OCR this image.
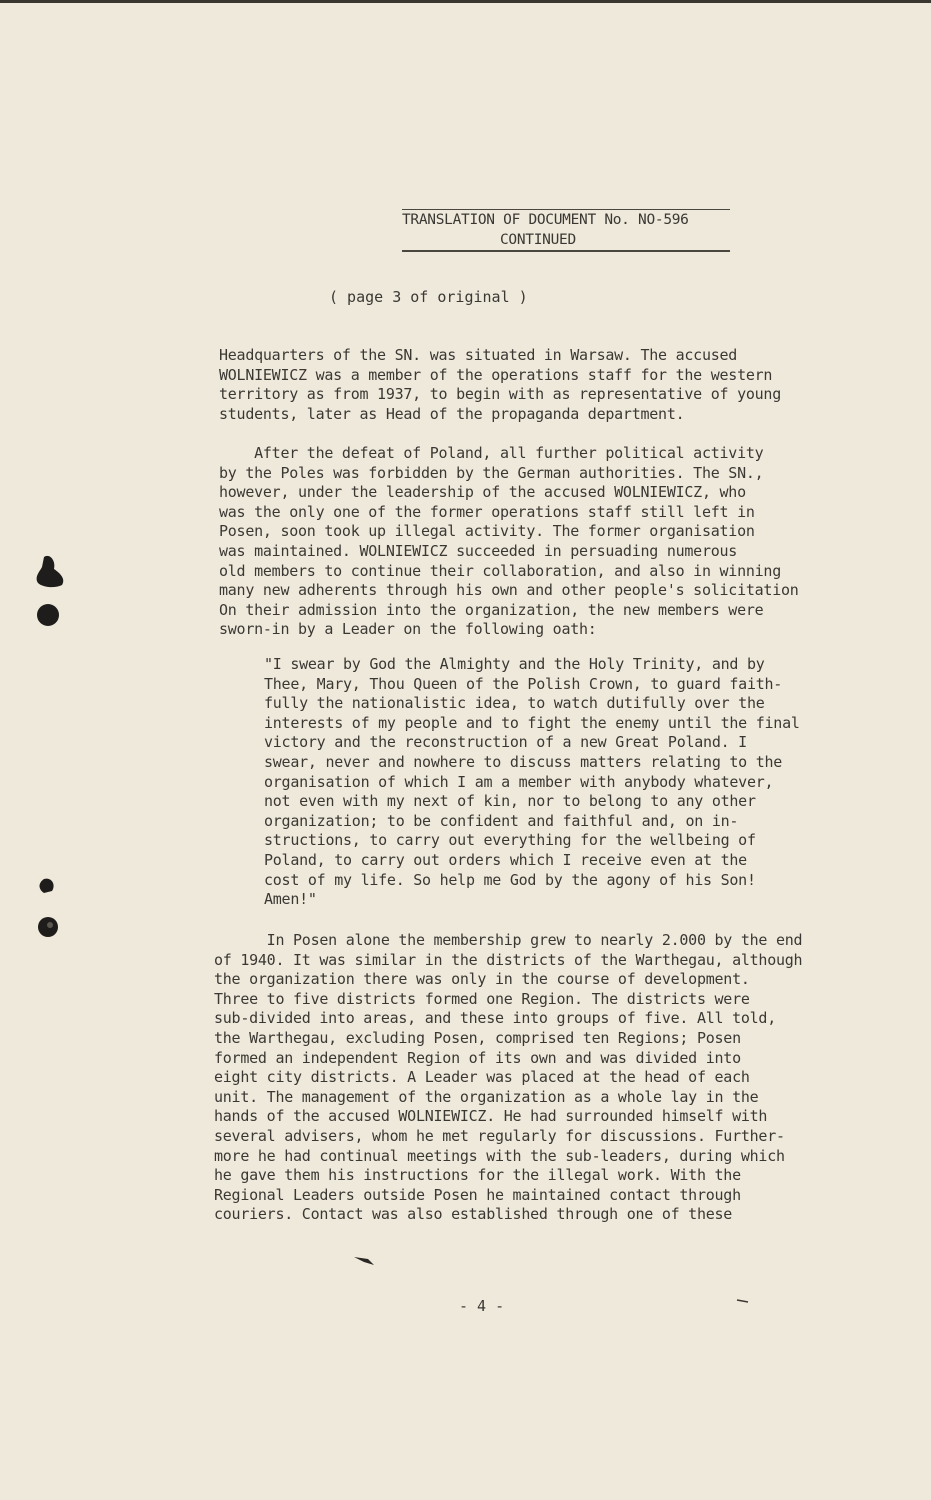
TRANSLATION OF DOCUMENT No. NO-596
CONTINUED
( page 3 of original )
Headquarters of the SN. was situated in Warsaw. The accused
WOLNIEWICZ was a member of the operations staff for the western
territory as from 1937, to begin with as representative of young
students, later as Head of the propaganda department.
After the defeat of Poland, all further political activity
by the Poles was forbidden by the German authorities. The SN.,
however, under the leadership of the accused WOLNIEWICZ, who
was the only one of the former operations staff still left in
Posen, soon took up illegal activity. The former organisation
was maintained. WOLNIEWICZ succeeded in persuading numerous
old members to continue their collaboration, and also in winning
many new adherents through his own and other people's solicitation
On their admission into the organization, the new members were
sworn-in by a Leader on the following oath:
"I swear by God the Almighty and the Holy Trinity, and by
Thee, Mary, Thou Queen of the Polish Crown, to guard faith-
fully the nationalistic idea, to watch dutifully over the
interests of my people and to fight the enemy until the final
victory and the reconstruction of a new Great Poland. I
swear, never and nowhere to discuss matters relating to the
organisation of which I am a member with anybody whatever,
not even with my next of kin, nor to belong to any other
organization; to be confident and faithful and, on in-
structions, to carry out everything for the wellbeing of
Poland, to carry out orders which I receive even at the
cost of my life. So help me God by the agony of his Son!
Amen!"
In Posen alone the membership grew to nearly 2.000 by the end
of 1940. It was similar in the districts of the Warthegau, although
the organization there was only in the course of development.
Three to five districts formed one Region. The districts were
sub-divided into areas, and these into groups of five. All told,
the Warthegau, excluding Posen, comprised ten Regions; Posen
formed an independent Region of its own and was divided into
eight city districts. A Leader was placed at the head of each
unit. The management of the organization as a whole lay in the
hands of the accused WOLNIEWICZ. He had surrounded himself with
several advisers, whom he met regularly for discussions. Further-
more he had continual meetings with the sub-leaders, during which
he gave them his instructions for the illegal work. With the
Regional Leaders outside Posen he maintained contact through
couriers. Contact was also established through one of these
- 4 -
